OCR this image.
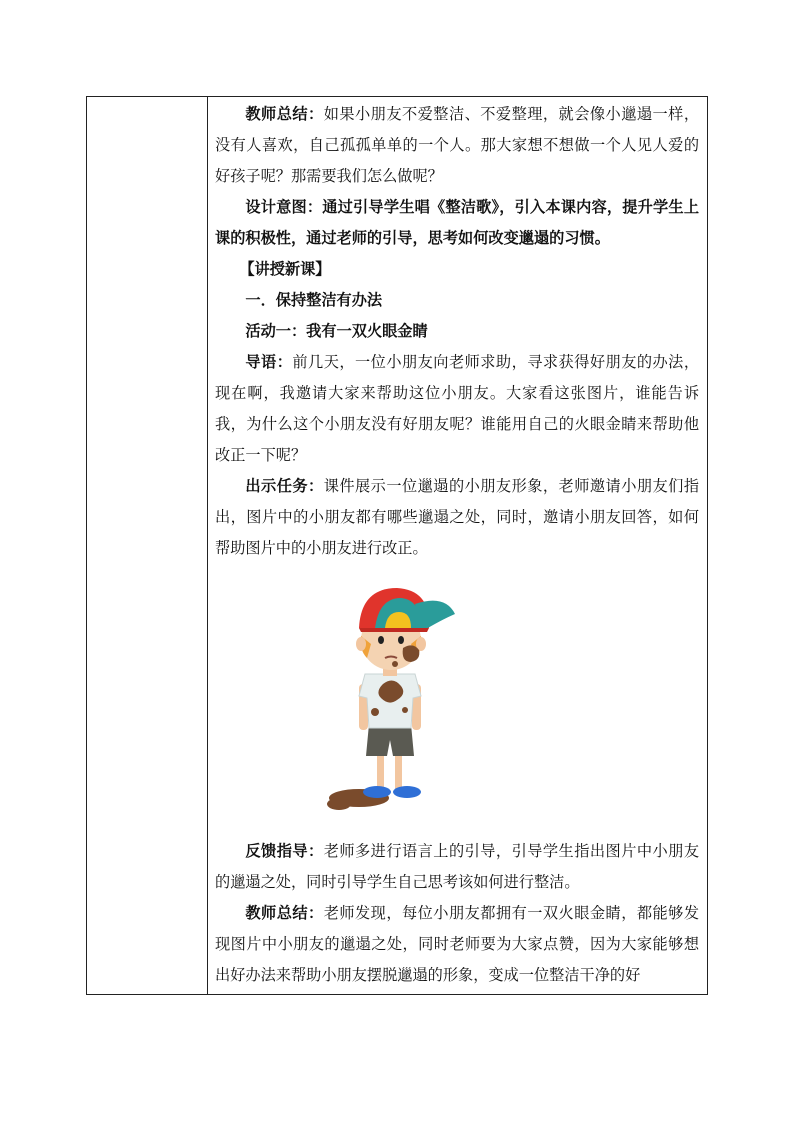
教师总结：如果小朋友不爱整洁、不爱整理，就会像小邋遢一样，没有人喜欢，自己孤孤单单的一个人。那大家想不想做一个人见人爱的好孩子呢？那需要我们怎么做呢？

设计意图：通过引导学生唱《整洁歌》，引入本课内容，提升学生上课的积极性，通过老师的引导，思考如何改变邋遢的习惯。

【讲授新课】

一．保持整洁有办法

活动一：我有一双火眼金睛

导语：前几天，一位小朋友向老师求助，寻求获得好朋友的办法，现在啊，我邀请大家来帮助这位小朋友。大家看这张图片，谁能告诉我，为什么这个小朋友没有好朋友呢？谁能用自己的火眼金睛来帮助他改正一下呢？

出示任务：课件展示一位邋遢的小朋友形象，老师邀请小朋友们指出，图片中的小朋友都有哪些邋遢之处，同时，邀请小朋友回答，如何帮助图片中的小朋友进行改正。

反馈指导：老师多进行语言上的引导，引导学生指出图片中小朋友的邋遢之处，同时引导学生自己思考该如何进行整洁。

教师总结：老师发现，每位小朋友都拥有一双火眼金睛，都能够发现图片中小朋友的邋遢之处，同时老师要为大家点赞，因为大家能够想出好办法来帮助小朋友摆脱邋遢的形象，变成一位整洁干净的好
